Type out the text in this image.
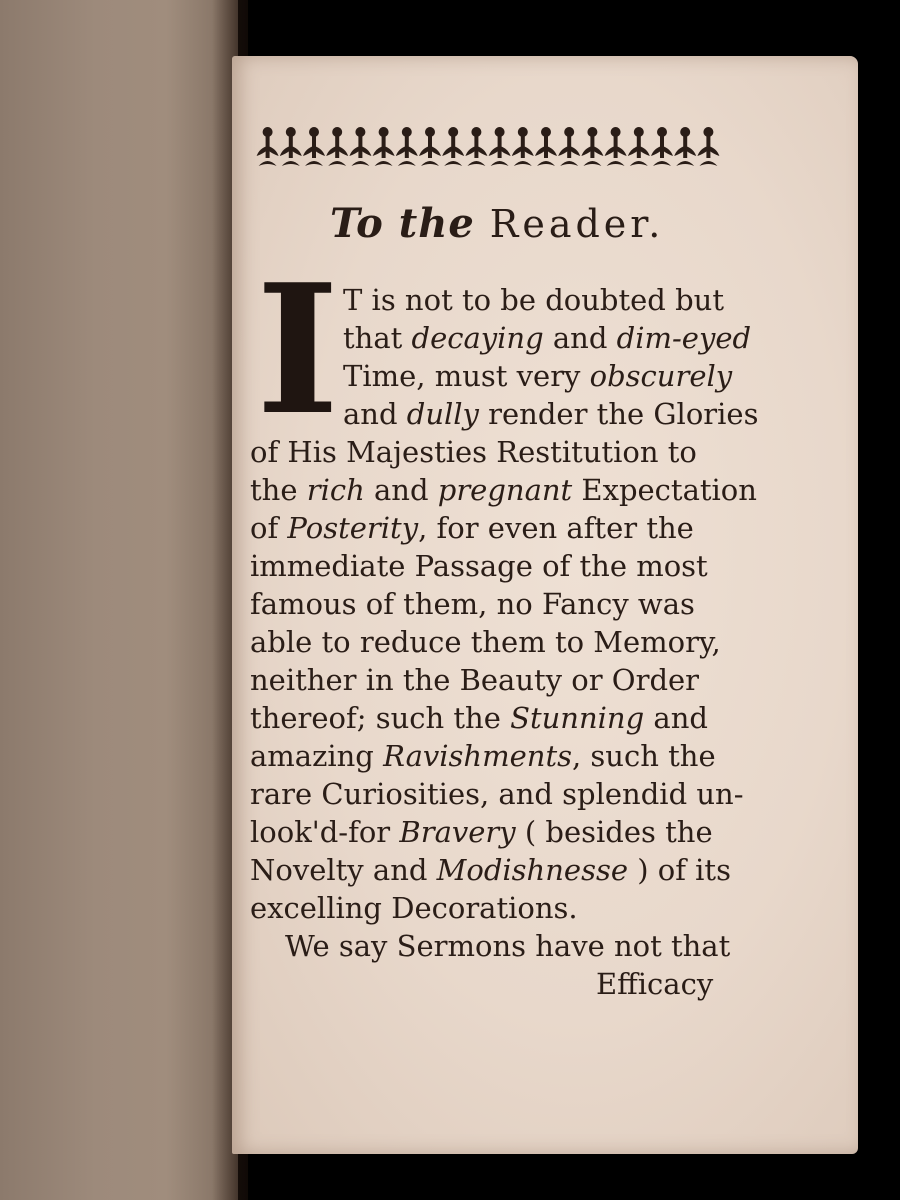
To the Reader.
I T is not to be doubted but
that decaying and dim-eyed
Time, must very obscurely
and dully render the Glories
of His Majesties Restitution to
the rich and pregnant Expectation
of Posterity, for even after the
immediate Passage of the most
famous of them, no Fancy was
able to reduce them to Memory,
neither in the Beauty or Order
thereof; such the Stunning and
amazing Ravishments, such the
rare Curiosities, and splendid un-
look'd-for Bravery ( besides the
Novelty and Modishnesse ) of its
excelling Decorations.
We say Sermons have not that
Efficacy
